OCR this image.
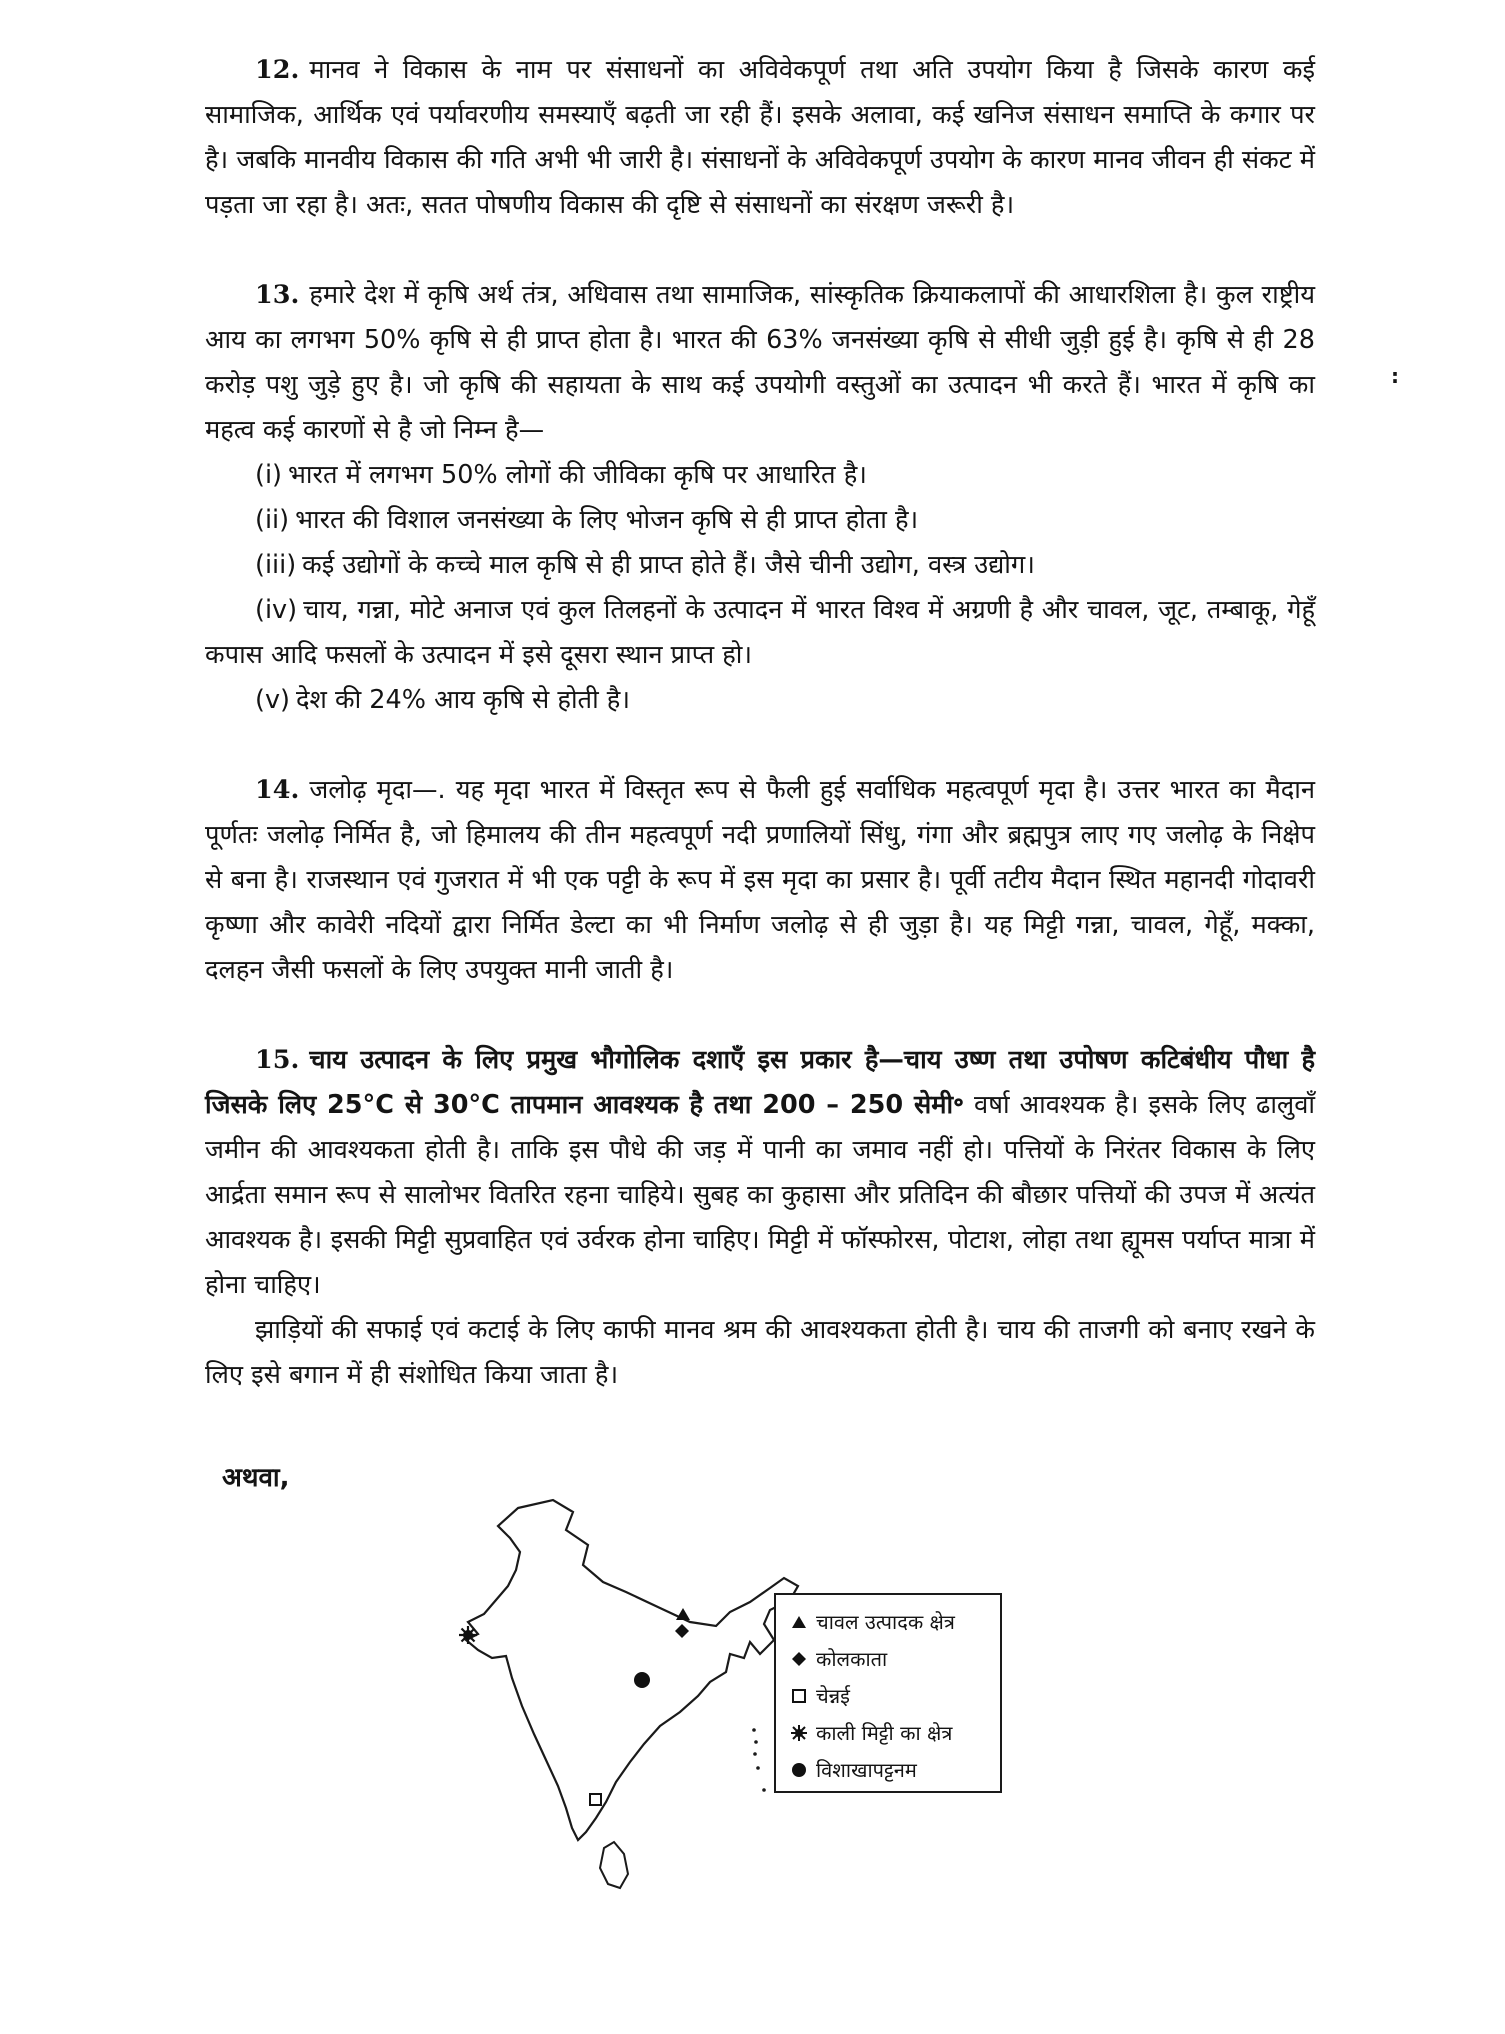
12. मानव ने विकास के नाम पर संसाधनों का अविवेकपूर्ण तथा अति उपयोग किया है जिसके कारण कई सामाजिक, आर्थिक एवं पर्यावरणीय समस्याएँ बढ़ती जा रही हैं। इसके अलावा, कई खनिज संसाधन समाप्ति के कगार पर है। जबकि मानवीय विकास की गति अभी भी जारी है। संसाधनों के अविवेकपूर्ण उपयोग के कारण मानव जीवन ही संकट में पड़ता जा रहा है। अतः, सतत पोषणीय विकास की दृष्टि से संसाधनों का संरक्षण जरूरी है।

13. हमारे देश में कृषि अर्थ तंत्र, अधिवास तथा सामाजिक, सांस्कृतिक क्रियाकलापों की आधारशिला है। कुल राष्ट्रीय आय का लगभग 50% कृषि से ही प्राप्त होता है। भारत की 63% जनसंख्या कृषि से सीधी जुड़ी हुई है। कृषि से ही 28 करोड़ पशु जुड़े हुए है। जो कृषि की सहायता के साथ कई उपयोगी वस्तुओं का उत्पादन भी करते हैं। भारत में कृषि का महत्व कई कारणों से है जो निम्न है—

(i) भारत में लगभग 50% लोगों की जीविका कृषि पर आधारित है।
(ii) भारत की विशाल जनसंख्या के लिए भोजन कृषि से ही प्राप्त होता है।
(iii) कई उद्योगों के कच्चे माल कृषि से ही प्राप्त होते हैं। जैसे चीनी उद्योग, वस्त्र उद्योग।
(iv) चाय, गन्ना, मोटे अनाज एवं कुल तिलहनों के उत्पादन में भारत विश्व में अग्रणी है और चावल, जूट, तम्बाकू, गेहूँ कपास आदि फसलों के उत्पादन में इसे दूसरा स्थान प्राप्त हो।
(v) देश की 24% आय कृषि से होती है।

14. जलोढ़ मृदा—. यह मृदा भारत में विस्तृत रूप से फैली हुई सर्वाधिक महत्वपूर्ण मृदा है। उत्तर भारत का मैदान पूर्णतः जलोढ़ निर्मित है, जो हिमालय की तीन महत्वपूर्ण नदी प्रणालियों सिंधु, गंगा और ब्रह्मपुत्र लाए गए जलोढ़ के निक्षेप से बना है। राजस्थान एवं गुजरात में भी एक पट्टी के रूप में इस मृदा का प्रसार है। पूर्वी तटीय मैदान स्थित महानदी गोदावरी कृष्णा और कावेरी नदियों द्वारा निर्मित डेल्टा का भी निर्माण जलोढ़ से ही जुड़ा है। यह मिट्टी गन्ना, चावल, गेहूँ, मक्का, दलहन जैसी फसलों के लिए उपयुक्त मानी जाती है।

15. चाय उत्पादन के लिए प्रमुख भौगोलिक दशाएँ इस प्रकार है—चाय उष्ण तथा उपोषण कटिबंधीय पौधा है जिसके लिए 25°C से 30°C तापमान आवश्यक है तथा 200 – 250 सेमी॰ वर्षा आवश्यक है। इसके लिए ढालुवाँ जमीन की आवश्यकता होती है। ताकि इस पौधे की जड़ में पानी का जमाव नहीं हो। पत्तियों के निरंतर विकास के लिए आर्द्रता समान रूप से सालोभर वितरित रहना चाहिये। सुबह का कुहासा और प्रतिदिन की बौछार पत्तियों की उपज में अत्यंत आवश्यक है। इसकी मिट्टी सुप्रवाहित एवं उर्वरक होना चाहिए। मिट्टी में फॉस्फोरस, पोटाश, लोहा तथा ह्यूमस पर्याप्त मात्रा में होना चाहिए।

झाड़ियों की सफाई एवं कटाई के लिए काफी मानव श्रम की आवश्यकता होती है। चाय की ताजगी को बनाए रखने के लिए इसे बगान में ही संशोधित किया जाता है।

अथवा,

:
चावल उत्पादक क्षेत्र
कोलकाता
चेन्नई
काली मिट्टी का क्षेत्र
विशाखापट्टनम
